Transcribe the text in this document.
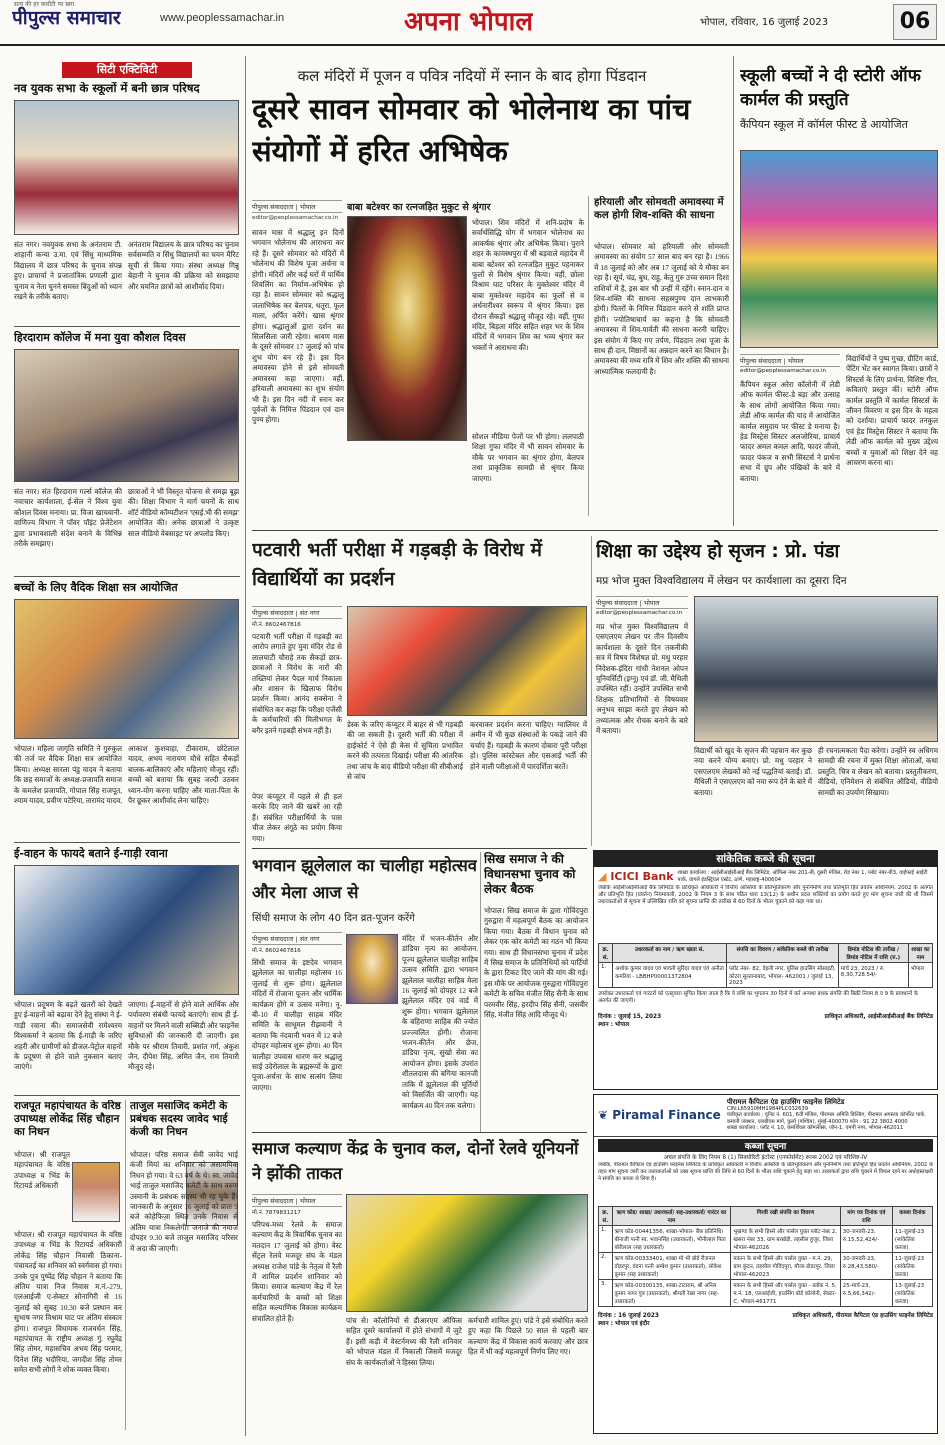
सत्य की हर कसौटी पर खरा
पीपुल्स समाचार	www.peoplessamachar.in	अपना भोपाल	भोपाल, रविवार, 16 जुलाई 2023	06
सिटी एक्टिविटी
नव युवक सभा के स्कूलों में बनी छात्र परिषद
संत नगर। नवयुवक सभा के अनंतराम टी. शाहानी कन्या उ.मा. एवं सिंधु माध्यमिक विद्यालय में छात्र परिषद के चुनाव संपन्न हुए। प्राचार्या ने प्रजातांत्रिक प्रणाली द्वारा चुनाव व नेता चुनने समस्त बिंदुओं को ध्यान रखने के तरीके बताए।
अनंतराम विद्यालय के छात्र परिषद का चुनाव सर्वसम्मति व सिंधु विद्यालयों का चयन मैरिट सूची से किया गया। संस्था अध्यक्ष गिन्नू बेहानी ने चुनाव की प्रक्रिया को समझाया और चयनित छात्रों को आशीर्वाद दिया।
हिरदाराम कॉलेज में मना युवा कौशल दिवस
संत नगर। संत हिरदाराम गर्ल्स कॉलेज की नवाचार कार्यशाला, ई-सेल ने विश्व युवा कौशल दिवस मनाया। प्रा. विजा खाचवानी-वाणिज्य विभाग ने पॉवर पॉइंट प्रेजेंटेशन द्वारा प्रभावशाली संदेश बनाने के विभिन्न तरीके समझाए।
छात्राओं ने भी विस्तृत योजना से समझ बूझ की। शिक्षा विभाग ने मार्ग चयनों के साथ शॉर्ट वीडियो कॉम्पटीशन 'एसई.भी की समझ' आयोजित की। अनेक छात्राओं ने उत्कृष्ट साल वीडियो वेबसाइट पर अपलोड किए।
बच्चों के लिए वैदिक शिक्षा सत्र आयोजित
भोपाल। महिला जागृति समिति ने गुरुकुल की तर्ज पर वैदिक शिक्षा सत्र आयोजित किया। अध्यक्ष सारला पंडु यादव ने बताया कि छह समाजों के अध्यक्ष-प्रजापति समाज के कमलेश प्रजापति, गोपाल सिंह राजपूत, श्याम यादव, प्रवीण पटेरिया, तारामंद यादव,
आकाश कुशवाहा, टीकाराम, छोटेलाल यादव, अभय नारायण चौधे सहित सैकड़ों बालक-बालिकाएं और महिलाएं मौजूद रहीं। बच्चों को बताया कि सुबह जल्दी उठकर ध्यान-योग करना चाहिए और माता-पिता के पैर छूकर आशीर्वाद लेना चाहिए।
ई-वाहन के फायदे बताने ई-गाड़ी रवाना
भोपाल। प्रदूषण के बढ़ते खतरों को देखते हुए ई-वाहनों को बढ़ावा देने हेतु संस्था ने ई-गाड़ी रवाना की। समाजसेवी रामेश्वरम विश्वकर्मा ने बताया कि ई-गाड़ी के जरिए शहरी और ग्रामीणों को डीजल-पेट्रोल वाहनों के प्रदूषण से होने वाले नुकसान बताए जाएंगे।
जाएगा। ई-वाहनों से होने वाले आर्थिक और पर्यावरण संबंधी फायदे बताएंगे। साथ ही ई-वाहनों पर मिलने वाली सब्सिडी और फाइनेंस सुविधाओं की जानकारी दी जाएगी। इस मौके पर श्रीराम तिवारी, प्रशांत गर्ग, अंकुश जैन, दीपेश सिंह, अमित जैन, राम तिवारी मौजूद रहे।
राजपूत महापंचायत के वरिष्ठ उपाध्यक्ष लोकेंद्र सिंह चौहान का निधन
भोपाल। श्री राजपूत महापंचायत के वरिष्ठ उपाध्यक्ष व भिंड के रिटायर्ड अधिकारी
भोपाल। श्री राजपूत महापंचायत के वरिष्ठ उपाध्यक्ष व भिंड के रिटायर्ड अधिकारी लोकेंद्र सिंह चौहान निवासी ठिकाना-पंचायतई का शनिवार को स्वर्गवास हो गया। उनके पुत्र पुष्पेंद्र सिंह चौहान ने बताया कि अंतिम यात्रा निज निवास म.नं.-279, एलआईजी ए-सेक्टर सोनागिरी से 16 जुलाई को सुबह 10.30 बजे प्रस्थान कर सुभाष नगर विश्राम घाट पर अंतिम संस्कार होगा। राजपूत विधायक राजवर्धन सिंह, महापंचायत के राष्ट्रीय अध्यक्ष गुं. रघुवेंद्र सिंह तोमर, महासचिव अभय सिंह परमार, दिनेश सिंह भदौरिया, जगदीश सिंह तोमर समेत सभी लोगों ने शोक व्यक्त किया।
ताजुल मसाजिद कमेटी के प्रबंधक सदस्य जावेद भाई कंजी का निधन
भोपाल। परिष्ठ समाज सेवी जावेद भाई कंजी मियां का शनिवार को असामयिक निधन हो गया। वे 63 वर्ष के थे। स्व. जावेद भाई ताजुल मसाजिद कमेटी के साथ वरुण उस्मानी के प्रबंधक सदस्य भी रह चुके हैं। जानकारी के अनुसार 16 जुलाई को प्रातः 9 बजे कोहेफिज़ा स्थित उनके निवास से अंतिम यात्रा निकलेगी। जनाजे की नमाज दोपहर 9.30 बजे ताजुल मसाजिद परिसर में अदा की जाएगी।
कल मंदिरों में पूजन व पवित्र नदियों में स्नान के बाद होगा पिंडदान
दूसरे सावन सोमवार को भोलेनाथ का पांच संयोगों में हरित अभिषेक
पीपुल्स संवाददाता | भोपाल
editor@peoplessamachar.co.in
सावन मास में श्रद्धालु इन दिनों भगवान भोलेनाथ की आराधना कर रहे हैं। दूसरे सोमवार को मंदिरों में भोलेनाथ की विशेष पूजा अर्चना व होगी। मंदिरों और कई घरों में पार्थिव शिवलिंग का निर्माण-अभिषेक हो रहा है। सावन सोमवार को श्रद्धालु जलाभिषेक कर बेलपत्र, धतूरा, फूल माला, अर्पित करेंगे। खास श्रृंगार होगा। श्रद्धालुओं द्वारा दर्शन का सिलसिला जारी रहेगा। श्रावण मास के दूसरे सोमवार 17 जुलाई को पांच शुभ योग बन रहे हैं। इस दिन अमावस्या होने से इसे सोमवती अमावस्या कहा जाएगा। वहीं, हरियाली अमावस्या का शुभ संयोग भी है। इस दिन नदी में स्नान कर पूर्वजों के निमित्त पिंडदान एवं दान पुण्य होगा।
बाबा बटेश्वर का रत्नजड़ित मुकुट से श्रृंगार
भोपाल। शिव मंदिरों में शनि-प्रदोष के सर्वार्थसिद्धि योग में भगवान भोलेनाथ का आकर्षक श्रृंगार और अभिषेक किया। पुराने शहर के कायस्थपुरा में श्री बड़वाले महादेव में बाबा बटेश्वर को रत्नजड़ित मुकुट पहनाकर फूलों से विशेष श्रृंगार किया। वहीं, छोला विश्राम घाट परिसर के मुक्तेश्वर मंदिर में बाबा मुक्तेश्वर महादेव का फूलों से व अर्धनारीश्वर स्वरूप में श्रृंगार किया। इस दौरान सैकड़ों श्रद्धालु मौजूद रहे। वहीं, गुफा मंदिर, बिड़ला मंदिर सहित शहर भर के शिव मंदिरों में भगवान शिव का भव्य श्रृंगार कर भक्तों ने आराधना की।
सोशल मीडिया पेजों पर भी होगा। ललपाठी शिक्षा गुफा मंदिर में भी सावन सोमवार के मौके पर भगवान का श्रृंगार होगा, बेलपत्र तथा प्राकृतिक सामग्री से श्रृंगार किया जाएगा।
हरियाली और सोमवती अमावस्या में कल होगी शिव-शक्ति की साधना
भोपाल। सोमवार को हरियाली और सोमवती अमावस्या का संयोग 57 साल बाद बन रहा है। 1966 में 18 जुलाई को और अब 17 जुलाई को ये मौका बन रहा है। सूर्य, चंद्र, बुध, राहु, केतु गुरु उच्च समान दिशा राशियों में है, इस बार भी उन्हीं में रहेंगे। स्नान-दान व शिव-शक्ति की साधना सहस्रपुण्य दान लाभकारी होगी। पितरों के निमित्त पिंडदान करने से शांति प्राप्त होगी। ज्योतिषाचार्य का कहना है कि सोमवती अमावस्या में शिव-पार्वती की साधना करनी चाहिए। इस संयोग में किए गए तर्पण, पिंडदान तथा पूजा के साथ ही दान, मिष्ठानों का अन्नदान करने का विधान है। अमावस्या की मध्य रात्रि में शिव और शक्ति की साधना आध्यात्मिक फलदायी है।
स्कूली बच्चों ने दी स्टोरी ऑफ कार्मल की प्रस्तुति
कैंपियन स्कूल में कॉर्मल फीस्ट डे आयोजित
पीपुल्स संवाददाता | भोपाल
editor@peoplessamachar.co.in
कैंपियन स्कूल अरेरा कॉलोनी में लेडी ऑफ कार्मल फीस्ट-डे बड़ा और उत्साह के साथ लोगों आयोजित किया गया। लेडी ऑफ कार्मल की याद में आयोजित कार्मल समुदाय पर फीस्ट डे मनाया है। हेड मिस्ट्रेस सिस्टर अलजोरिया, प्राचार्य फादर अमल कमल आदि, फादर जीजो, फादर पंकज व सभी सिस्टर्स ने प्रार्थना सभा में ग्रुप और पंखिकों के बारे में बताया।
विद्यार्थियों ने पुष्प गुच्छ, ग्रीटिंग कार्ड, पेंटिंग भेंट कर स्वागत किया। छात्रों ने सिस्टर्स के लिए प्रार्थना, विशिष्ट गीत, कविताएं प्रस्तुत कीं। स्टोरी ऑफ कार्मल प्रस्तुति में कार्मल सिस्टर्स के जीवन विवरण व इस दिन के महत्व को दर्शाया। प्राचार्य फादर तनकुल एवं हेड मिस्ट्रेस सिस्टर ने बताया कि लेडी ऑफ कार्मल को मुख्य उद्देश्य बच्चों व युवाओं को शिक्षा देने वह आचरण करना था।
पटवारी भर्ती परीक्षा में गड़बड़ी के विरोध में विद्यार्थियों का प्रदर्शन
पीपुल्स संवाददाता | संत नगर
मो.नं. 8602467816
पटवारी भर्ती परीक्षा में गड़बड़ी का आरोप लगाते हुए युवा मंदिर रोड से लालघाटी चौराहे तक सैकड़ों छात्र-छात्राओं ने विरोध के नारों की तख्तियां लेकर पैदल मार्च निकाला और शासन के खिलाफ विरोध प्रदर्शन किया। आनंद सक्सेना ने संबोधित कर कहा कि परीक्षा एजेंसी के कर्मचारियों की मिलीभगत के बगैर इतने गड़बड़ी संभव नहीं है।
पेपर कंप्यूटर में पहले से ही हल करके दिए जाने की खबरें आ रही हैं। संबंधित परीक्षार्थियों के पास चीज लेकर अंगूठे का प्रयोग किया गया।
डेस्क के जरिए कंप्यूटर में बाहर से भी गड़बड़ी की जा सकती है। दूसरी भर्ती की परीक्षा में हाईकोर्ट ने ऐसे ही केस में सुचिता प्रभावित करने की तत्परता दिखाई। परीक्षा की आंतरिक तथा जांच के बाद वीडियो परीक्षा की सीबीआई से जांच
करवाकर प्रदर्शन करना चाहिए। ग्वालियर में अमीन में भी कुछ संस्थाओं के पकड़े जाने की चर्चाएं हैं। गड़बड़ी के कारण दोबारा पूरी परीक्षा हो। पुलिस कांस्टेबल और एसआई भर्ती की होने वाली परीक्षाओं में पारदर्शिता बरतें।
शिक्षा का उद्देश्य हो सृजन : प्रो. पंडा
मप्र भोज मुक्त विश्वविद्यालय में लेखन पर कार्यशाला का दूसरा दिन
पीपुल्स संवाददाता | भोपाल
editor@peoplessamachar.co.in
मप्र भोज मुक्त विश्वविद्यालय में एसएलएम लेखन पर तीन दिवसीय कार्यशाला के दूसरे दिन तकनीकी सत्र में विषय विशेषज्ञ प्रो. मधु परहार निदेशक-इंदिरा गांधी नेशनल ओपन यूनिवर्सिटी (इग्नू) एवं डॉ. जी. मैथिली उपस्थित रहीं। उन्होंने उपस्थित सभी शिक्षक प्रतिभागियों से विषयवार अनुभव साझा करते हुए लेखन को तथ्यात्मक और रोचक बनाने के बारे में बताया।
विद्यार्थी को खुद के सृजन की पहचान कर कुछ नया करने योग्य बनाए। प्रो. मधु परहार ने एसएलएम लेखकों को नई पद्धतियां बताईं। डॉ. मैथिली ने एसएलएम को नया रूप देने के बारे में बताया।
ही रचनात्मकता पैदा करेगा। उन्होंने स्व अधिगम सामग्री की रचना में मुक्त शिक्षा ओताओं, कथा प्रस्तुति, चित्र व लेखन को बताया। प्रस्तुतीकरण, वीडियो, एनिमेशन से संबंधित ऑडियो, वीडियो सामग्री का उपयोग सिखाया।
भगवान झूलेलाल का चालीहा महोत्सव और मेला आज से
सिंधी समाज के लोग 40 दिन व्रत-पूजन करेंगे
पीपुल्स संवाददाता | संत नगर
मो.नं. 8602467816
सिंधी समाज के इष्टदेव भगवान झूलेलाल का चालीहा महोत्सव 16 जुलाई से शुरू होगा। झूलेलाल मंदिरों में रोजाना पूजन और धार्मिक कार्यक्रम होंगे व उत्सव मनेगा। नू-बी-10 में चालीहा साहब मंदिर समिति के साधूमल रीझवानी ने बताया कि नंदवानी भवन में 12 बजे दोपहर महोत्सव शुरू होगा। 40 दिन चालीहा उपवास धारण कर श्रद्धालु साई उदेरोलाल के ब्रह्मरूपों के द्वारा पूजा-अर्चना के साथ सत्संग लिया जाएगा।
मंदिर में भजन-कीर्तन और डांडिया नृत्य का आयोजन. पूज्य झूलेलाल चालीहा साहिब उत्सव समिति द्वारा भगवान झूलेलाल चालीहा साहिब मेला 16 जुलाई को दोपहर 12 बजे झूलेलाल मंदिर एवं वार्ड में शुरू होगा। भगवान झूलेलाल के बहिराणा साहिब की ज्योत प्रज्ज्वलित होगी। रोजाना भजन-कीर्तन और छेज, डांडिया नृत्य, सुखो सेवा का आयोजन होगा। इसके उपरांत शीतलदास की बगिया कानजी ताकि में झूलेलाल की मूर्तियों को विसर्जित की जाएगी। यह कार्यक्रम 40 दिन तक चलेगा।
सिख समाज ने की विधानसभा चुनाव को लेकर बैठक
भोपाल। सिख समाज के द्वारा गोविंदपुरा गुरुद्वारा में महत्वपूर्ण बैठक का आयोजन किया गया। बैठक में विधान चुनाव को लेकर एक कोर कमेटी का गठन भी किया गया। साथ ही विधानसभा चुनाव में प्रदेश में सिख समाज के प्रतिनिधियों को पार्टियों के द्वारा टिकट दिए जाने की मांग की गई। इस मौके पर आयोजक गुरुद्वारा गोविंदपुरा कमेटी के सचिव मंजीत सिंह सैनी के साथ परमवीर सिंह, हरदीप सिंह सैनी, जसवीर सिंह, मंजीत सिंह आदि मौजूद थे।
समाज कल्याण केंद्र के चुनाव कल, दोनों रेलवे यूनियनों ने झोंकी ताकत
पीपुल्स संवाददाता | भोपाल
मो.नं. 7879831217
परिपथ-मध्य रेलवे के समाज कल्याण केंद्र के त्रिवार्षिक चुनाव का मतदान 17 जुलाई को होगा। वेस्ट सेंट्रल रेलवे मजदूर संघ के मंडल अध्यक्ष राजेश पांडे के नेतृत्व में रैली में शामिल प्रदर्शन शानिवार को किया। समाज कल्याण केंद्र में रेल कर्मचारियों के बच्चों को शिक्षा सहित कल्याणिक विकास कार्यक्रम संचालित होते हैं।	पांच से। कॉलोनियों से डीआरएम ऑफिस सहित दूसरे कार्यालयों में होते संभागों में जुटे हैं। इसी कड़ी में वेस्टर्नमध्य की रैली शनिवार को भोपाल मंडल में निकाली जिसमें मजदूर संघ के कार्यकर्ताओं ने हिस्सा लिया।
कर्मचारी शामिल हुए। पांडे ने इसे संबोधित करते हुए कहा कि पिछले 50 साल से पहली बार कल्याण केंद्र में विकास कार्य करवाए और छात्र हित में भी कई महत्वपूर्ण निर्णय लिए गए।
सांकेतिक कब्जे की सूचना
◢ ICICI Bank शाखा कार्यालय : आईसीआईसीआई बैंक लिमिटेड, ऑफिस नंबर 201-बी, दूसरी मंजिल, रोड नंबर 1, प्लॉट नंबर-बी3, वाईफाई आईटी पार्क, वागले इंडस्ट्रियल एस्टेट, ठाणे, महाराष्ट्र-400604
जबकि आईसीआईसीआई बैंक लिमिटेड के प्राधिकृत अधिकारी ने वित्तीय आस्तियों के प्रतिभूतिकरण और पुनर्निर्माण तथा प्रतिभूति हित प्रवर्तन अधिनियम, 2002 के अंतर्गत और प्रतिभूति हित (प्रवर्तन) नियमावली, 2002 के नियम 3 के साथ पठित धारा 13(12) के अधीन प्रदत्त शक्तियों का प्रयोग करते हुए मांग सूचना जारी की थी जिसमें उधारकर्ताओं से सूचना में उल्लिखित राशि को सूचना प्राप्ति की तारीख से 60 दिनों के भीतर चुकाने को कहा गया था।
क्र. सं.	उधारकर्ता का नाम / ऋण खाता सं.	संपत्ति का विवरण / सांकेतिक कब्जे की तारीख	डिमांड नोटिस की तारीख / डिमांड नोटिस में राशि (रु.)	शाखा का नाम
1.	अशोक कुमार यादव एवं भावती सुरिंदर यादव एवं अनीता कमरिया - LBBHP00001372804	प्लॉट नंबर- 82, देहली नगर, पुलिस हाउसिंग सोसाइटी, कोटरा सुल्तानाबाद, भोपाल- 462001 / जुलाई 13, 2023	मार्च 23, 2023 / रु. 8,30,728.54/-	भोपाल
उपरोक्त उधारकर्ता एवं गारंटरों को एतद्द्वारा सूचित किया जाता है कि वे राशि का भुगतान 30 दिनों में करें अन्यथा बंधक संपत्ति की बिक्री नियम 8 व 9 के प्रावधानों के अंतर्गत की जाएगी।
दिनांक : जुलाई 15, 2023
स्थान : भोपाल
प्राधिकृत अधिकारी, आईसीआईसीआई बैंक लिमिटेड
❦ Piramal Finance
पीरामल कैपिटल एंड हाउसिंग फाइनेंस लिमिटेड
CIN:L65910MH1984PLC032639
पंजीकृत कार्यालय : यूनिट नं. 601, 6वीं मंजिल, पीरामल अमिति बिल्डिंग, पीरामल अगस्त्या कॉर्पोरेट पार्क, कमानी जंक्शन, एलबीएस मार्ग, कुर्ला (पश्चिम), मुंबई-400070 फोन : 91 22 3802 4000
शाखा कार्यालय : प्लॉट नं. 10, कमर्शियल कॉम्प्लेक्स, जोन-1, एमपी नगर, भोपाल-462011
कब्जा सूचना
अचल संपत्ति के लिए नियम 8 (1) सिक्योरिटी इंटरेस्ट (एनफोर्समेंट) रूल्स 2002 एवं परिशिष्ट-IV
जबकि, पीरामल कैपिटल एंड हाउसिंग फाइनेंस लिमिटेड के प्राधिकृत अधिकारी ने वित्तीय आस्तियों के प्रतिभूतिकरण और पुनर्निर्माण तथा प्रतिभूति हित प्रवर्तन अधिनियम, 2002 के तहत मांग सूचना जारी कर उधारकर्ताओं को उक्त सूचना प्राप्ति की तिथि से 60 दिनों के भीतर राशि चुकाने हेतु कहा था। उधारकर्ता द्वारा राशि चुकाने में विफल रहने पर अधोहस्ताक्षरी ने संपत्ति का कब्जा ले लिया है।
क्र. सं.	ऋण कोड/ शाखा/ उधारकर्ता/ सह-उधारकर्ता/ गारंटर का नाम	गिरवी रखी संपत्ति का विवरण	मांग पत्र दिनांक एवं राशि	कब्जा दिनांक
1.	ऋण कोड-00441356, शाखा-भोपाल- बैंक प्रतिनिधि। बीनाजी पत्नी स्व. भवानसिंह (उधारकर्ता), भीनीलाल पिता बोरीलाल (सह उधारकर्ता)	भूखण्ड के सभी हिस्से और पार्सल युक्त प्लॉट नंबर 2, खसरा नंबर 33, ग्राम बरखेड़ी, तहसील हुजूर, जिला भोपाल-462026	30-जनवरी-23, रु.15,52,424/-	11-जुलाई-23 (सांकेतिक कब्जा)
2.	ऋण कोड-00333401, शाखा मो भी बोर्ड रीजनल डोडरपुर, वंदना पत्नी अम्बेश कुमार (उधारकर्ता), लोकेश कुमार (सह उधारकर्ता)	मकान के सभी हिस्से और पार्सल युक्त - म.नं. 29, ग्राम कुंदन, तहसील गोविंदपुरा, मौजा-डोडरपुर, जिला भोपाल-462023	30-जनवरी-23, रु.28,43,580/-	11-जुलाई-23 (सांकेतिक कब्जा)
3.	ऋण कोड-00300135, शाखा-टाटाराम, श्री अनिल कुमार नागर पुत्र (उधारकर्ता), श्रीमती रेखा नागर (सह-उधारकर्ता)	मकान के सभी हिस्से और पार्सल युक्त - ब्लॉक नं. 5, म.नं. 18, एलआईजी, हाउसिंग बोर्ड कॉलोनी, सेक्टर-C, भोपाल-461771	25-मार्च-23, रु.5,66,342/-	13-जुलाई-23 (सांकेतिक कब्जा)
दिनांक : 16 जुलाई 2023
स्थान : भोपाल एवं इंदौर
प्राधिकृत अधिकारी, पीरामल कैपिटल एंड हाउसिंग फाइनेंस लिमिटेड
